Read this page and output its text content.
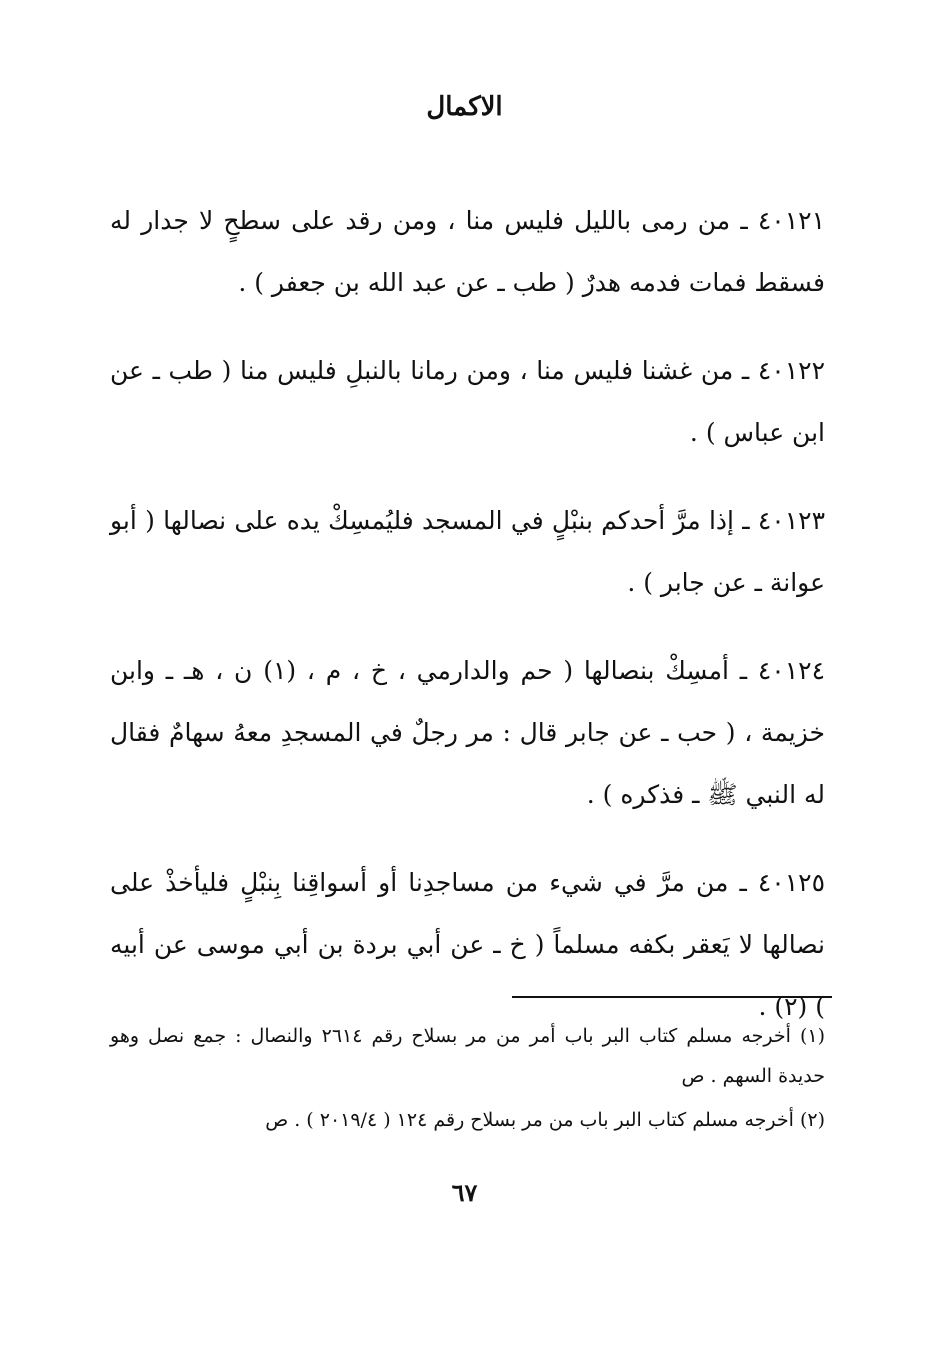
الاكمال

٤٠١٢١ ـ من رمى بالليل فليس منا ، ومن رقد على سطحٍ لا جدار له فسقط فمات فدمه هدرٌ ( طب ـ عن عبد الله بن جعفر ) .

٤٠١٢٢ ـ من غشنا فليس منا ، ومن رمانا بالنبلِ فليس منا ( طب ـ عن ابن عباس ) .

٤٠١٢٣ ـ إذا مرَّ أحدكم بنبْلٍ في المسجد فليُمسِكْ يده على نصالها ( أبو عوانة ـ عن جابر ) .

٤٠١٢٤ ـ أمسِكْ بنصالها ( حم والدارمي ، خ ، م ، (١) ن ، هـ ـ وابن خزيمة ، ( حب ـ عن جابر قال : مر رجلٌ في المسجدِ معهُ سهامٌ فقال له النبي ﷺ ـ فذكره ) .

٤٠١٢٥ ـ من مرَّ في شيء من مساجدِنا أو أسواقِنا بِنبْلٍ فليأخذْ على نصالها لا يَعقر بكفه مسلماً ( خ ـ عن أبي بردة بن أبي موسى عن أبيه ) (٢) .

(١) أخرجه مسلم كتاب البر باب أمر من مر بسلاح رقم ٢٦١٤ والنصال : جمع نصل وهو حديدة السهم . ص

(٢) أخرجه مسلم كتاب البر باب من مر بسلاح رقم ١٢٤ ( ٢٠١٩/٤ ) . ص

٦٧
